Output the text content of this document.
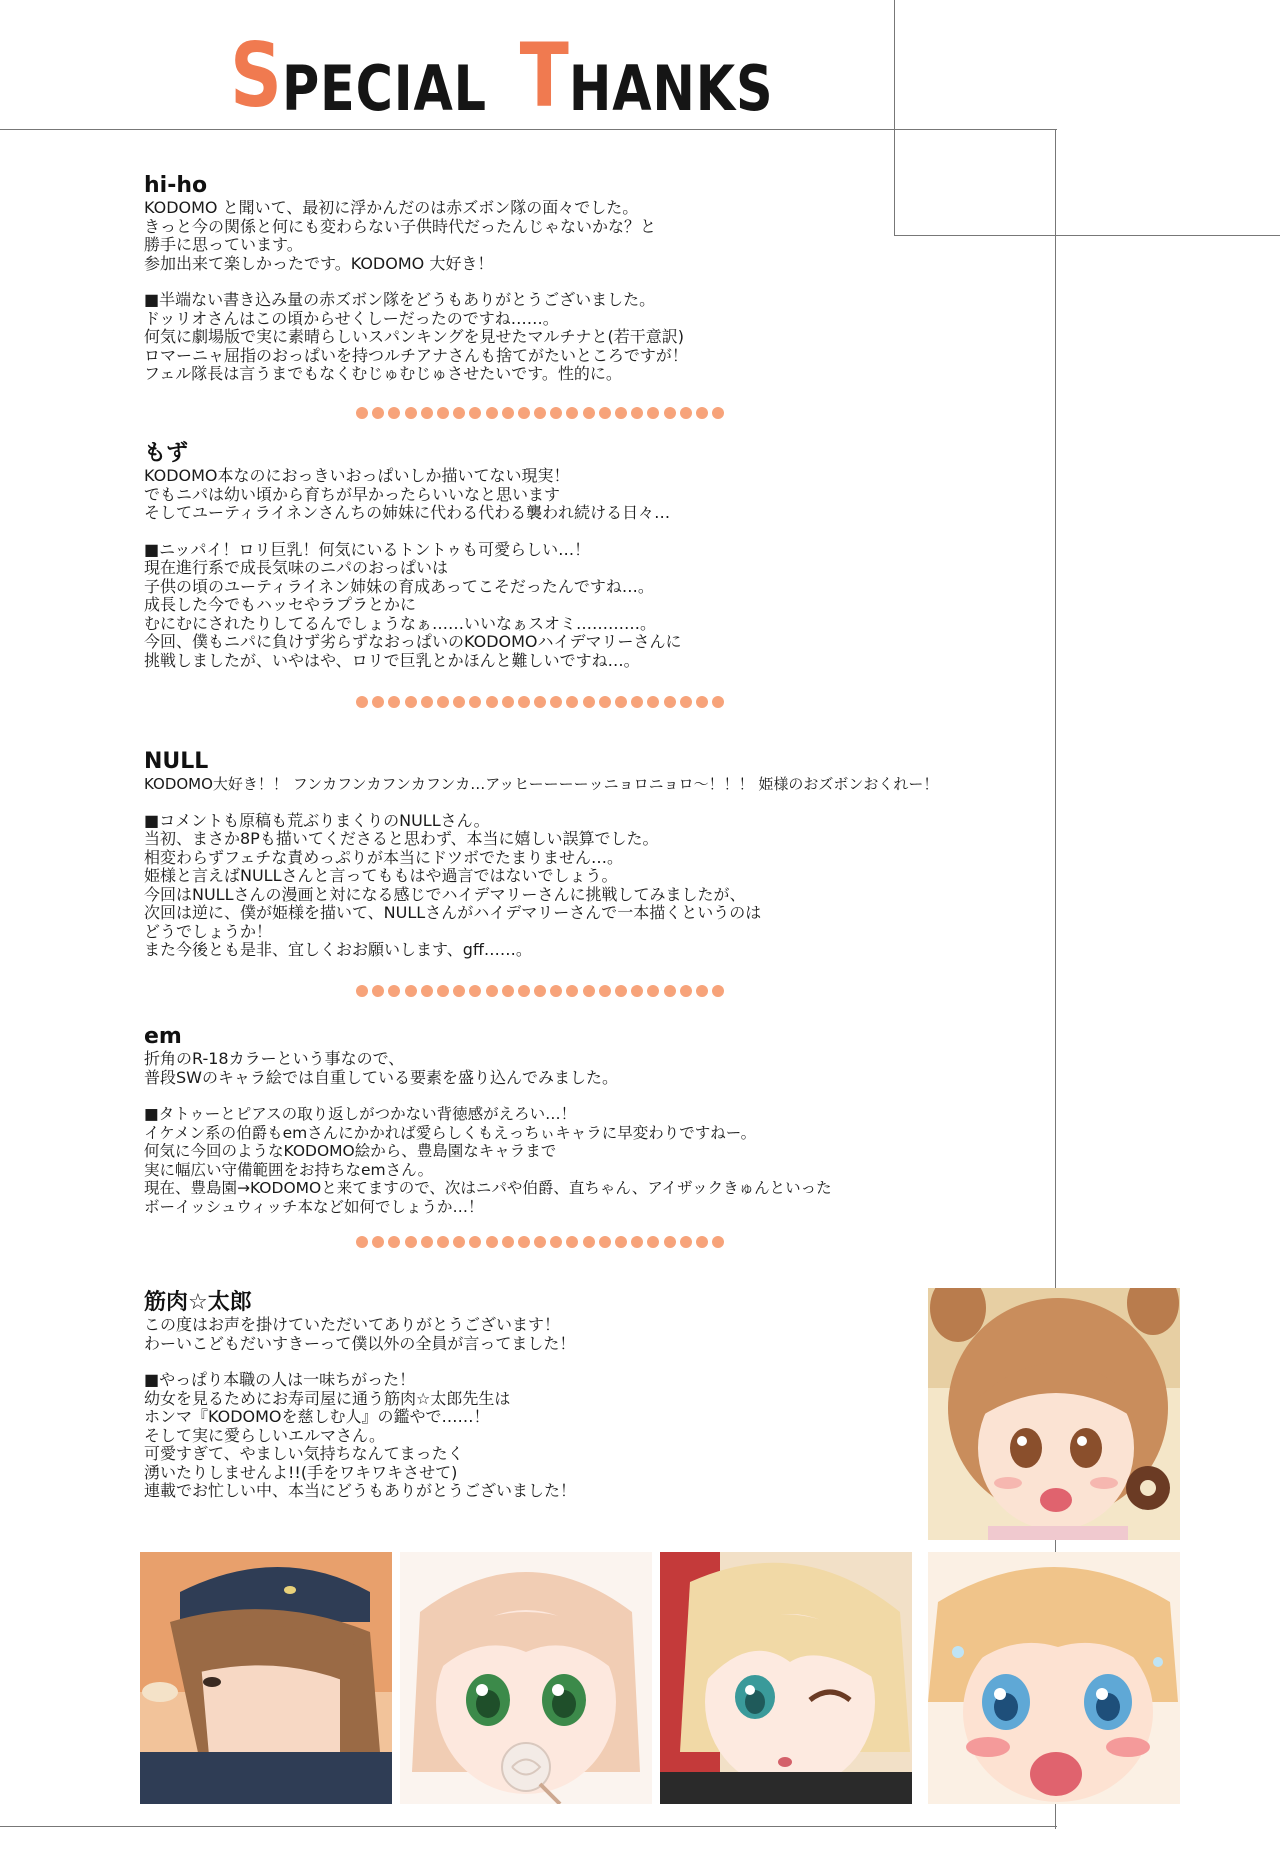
S PECIAL T HANKS
hi-ho

KODOMO と聞いて、最初に浮かんだのは赤ズボン隊の面々でした。
きっと今の関係と何にも変わらない子供時代だったんじゃないかな？と
勝手に思っています。
参加出来て楽しかったです。KODOMO 大好き！

■半端ない書き込み量の赤ズボン隊をどうもありがとうございました。
ドッリオさんはこの頃からせくしーだったのですね……。
何気に劇場版で実に素晴らしいスパンキングを見せたマルチナと(若干意訳)
ロマーニャ屈指のおっぱいを持つルチアナさんも捨てがたいところですが！
フェル隊長は言うまでもなくむじゅむじゅさせたいです。性的に。

もず

KODOMO本なのにおっきいおっぱいしか描いてない現実！
でもニパは幼い頃から育ちが早かったらいいなと思います
そしてユーティライネンさんちの姉妹に代わる代わる襲われ続ける日々…

■ニッパイ！ロリ巨乳！何気にいるトントゥも可愛らしい…！
現在進行系で成長気味のニパのおっぱいは
子供の頃のユーティライネン姉妹の育成あってこそだったんですね…。
成長した今でもハッセやラプラとかに
むにむにされたりしてるんでしょうなぁ……いいなぁスオミ…………。
今回、僕もニパに負けず劣らずなおっぱいのKODOMOハイデマリーさんに
挑戦しましたが、いやはや、ロリで巨乳とかほんと難しいですね…。

NULL

KODOMO大好き！！ フンカフンカフンカフンカ…アッヒーーーーッニョロニョロ〜！！！ 姫様のおズボンおくれー！

■コメントも原稿も荒ぶりまくりのNULLさん。
当初、まさか8Pも描いてくださると思わず、本当に嬉しい誤算でした。
相変わらずフェチな責めっぷりが本当にドツボでたまりません…。
姫様と言えばNULLさんと言ってももはや過言ではないでしょう。
今回はNULLさんの漫画と対になる感じでハイデマリーさんに挑戦してみましたが、
次回は逆に、僕が姫様を描いて、NULLさんがハイデマリーさんで一本描くというのは
どうでしょうか！
また今後とも是非、宜しくおお願いします、gff……。

em

折角のR-18カラーという事なので、
普段SWのキャラ絵では自重している要素を盛り込んでみました。

■タトゥーとピアスの取り返しがつかない背徳感がえろい…！
イケメン系の伯爵もemさんにかかれば愛らしくもえっちぃキャラに早変わりですねー。
何気に今回のようなKODOMO絵から、豊島園なキャラまで
実に幅広い守備範囲をお持ちなemさん。
現在、豊島園→KODOMOと来てますので、次はニパや伯爵、直ちゃん、アイザックきゅんといった
ボーイッシュウィッチ本など如何でしょうか…！

筋肉☆太郎

この度はお声を掛けていただいてありがとうございます！
わーいこどもだいすきーって僕以外の全員が言ってました！

■やっぱり本職の人は一味ちがった！
幼女を見るためにお寿司屋に通う筋肉☆太郎先生は
ホンマ『KODOMOを慈しむ人』の鑑やで……！
そして実に愛らしいエルマさん。
可愛すぎて、やましい気持ちなんてまったく
湧いたりしませんよ!!(手をワキワキさせて)
連載でお忙しい中、本当にどうもありがとうございました！
